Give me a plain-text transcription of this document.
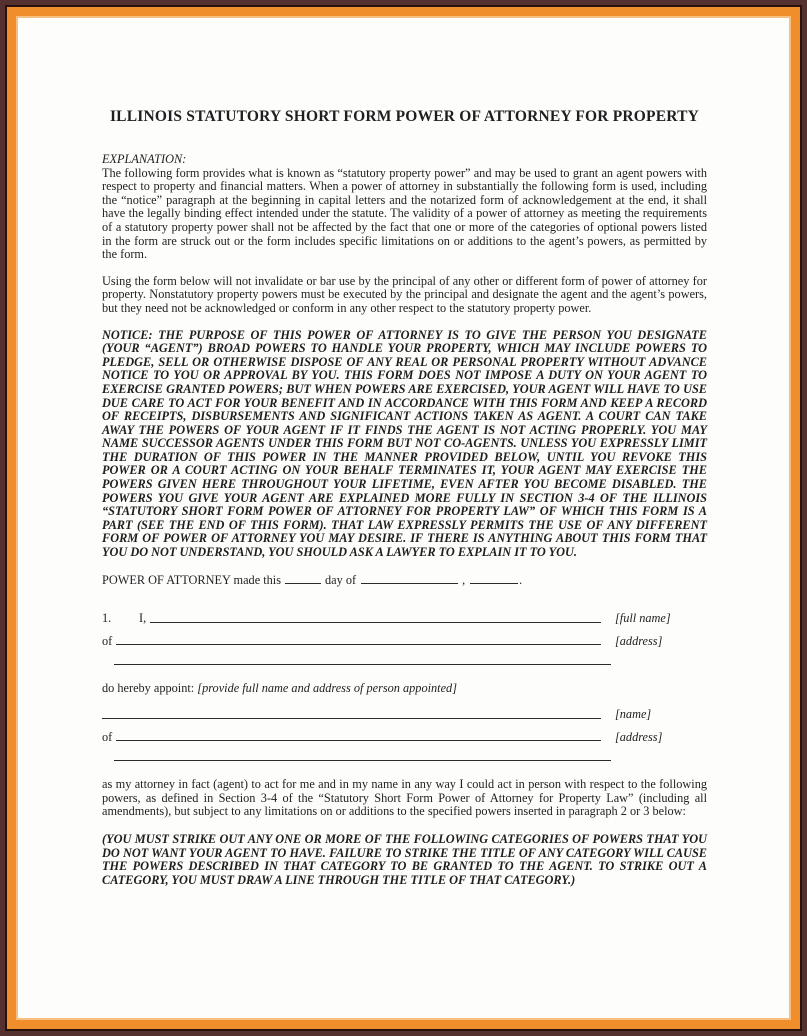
ILLINOIS STATUTORY SHORT FORM POWER OF ATTORNEY FOR PROPERTY
EXPLANATION:
The following form provides what is known as “statutory property power” and may be used to grant an agent powers with respect to property and financial matters. When a power of attorney in substantially the following form is used, including the “notice” paragraph at the beginning in capital letters and the notarized form of acknowledgement at the end, it shall have the legally binding effect intended under the statute. The validity of a power of attorney as meeting the requirements of a statutory property power shall not be affected by the fact that one or more of the categories of optional powers listed in the form are struck out or the form includes specific limitations on or additions to the agent’s powers, as permitted by the form.
Using the form below will not invalidate or bar use by the principal of any other or different form of power of attorney for property. Nonstatutory property powers must be executed by the principal and designate the agent and the agent’s powers, but they need not be acknowledged or conform in any other respect to the statutory property power.
NOTICE: THE PURPOSE OF THIS POWER OF ATTORNEY IS TO GIVE THE PERSON YOU DESIGNATE (YOUR “AGENT”) BROAD POWERS TO HANDLE YOUR PROPERTY, WHICH MAY INCLUDE POWERS TO PLEDGE, SELL OR OTHERWISE DISPOSE OF ANY REAL OR PERSONAL PROPERTY WITHOUT ADVANCE NOTICE TO YOU OR APPROVAL BY YOU. THIS FORM DOES NOT IMPOSE A DUTY ON YOUR AGENT TO EXERCISE GRANTED POWERS; BUT WHEN POWERS ARE EXERCISED, YOUR AGENT WILL HAVE TO USE DUE CARE TO ACT FOR YOUR BENEFIT AND IN ACCORDANCE WITH THIS FORM AND KEEP A RECORD OF RECEIPTS, DISBURSEMENTS AND SIGNIFICANT ACTIONS TAKEN AS AGENT. A COURT CAN TAKE AWAY THE POWERS OF YOUR AGENT IF IT FINDS THE AGENT IS NOT ACTING PROPERLY. YOU MAY NAME SUCCESSOR AGENTS UNDER THIS FORM BUT NOT CO-AGENTS. UNLESS YOU EXPRESSLY LIMIT THE DURATION OF THIS POWER IN THE MANNER PROVIDED BELOW, UNTIL YOU REVOKE THIS POWER OR A COURT ACTING ON YOUR BEHALF TERMINATES IT, YOUR AGENT MAY EXERCISE THE POWERS GIVEN HERE THROUGHOUT YOUR LIFETIME, EVEN AFTER YOU BECOME DISABLED. THE POWERS YOU GIVE YOUR AGENT ARE EXPLAINED MORE FULLY IN SECTION 3-4 OF THE ILLINOIS “STATUTORY SHORT FORM POWER OF ATTORNEY FOR PROPERTY LAW” OF WHICH THIS FORM IS A PART (SEE THE END OF THIS FORM). THAT LAW EXPRESSLY PERMITS THE USE OF ANY DIFFERENT FORM OF POWER OF ATTORNEY YOU MAY DESIRE. IF THERE IS ANYTHING ABOUT THIS FORM THAT YOU DO NOT UNDERSTAND, YOU SHOULD ASK A LAWYER TO EXPLAIN IT TO YOU.
POWER OF ATTORNEY made this	day of	,	.
1.	I,	[full name]
of	[address]
do hereby appoint: [provide full name and address of person appointed]
[name]
of	[address]
as my attorney in fact (agent) to act for me and in my name in any way I could act in person with respect to the following powers, as defined in Section 3-4 of the “Statutory Short Form Power of Attorney for Property Law” (including all amendments), but subject to any limitations on or additions to the specified powers inserted in paragraph 2 or 3 below:
(YOU MUST STRIKE OUT ANY ONE OR MORE OF THE FOLLOWING CATEGORIES OF POWERS THAT YOU DO NOT WANT YOUR AGENT TO HAVE. FAILURE TO STRIKE THE TITLE OF ANY CATEGORY WILL CAUSE THE POWERS DESCRIBED IN THAT CATEGORY TO BE GRANTED TO THE AGENT. TO STRIKE OUT A CATEGORY, YOU MUST DRAW A LINE THROUGH THE TITLE OF THAT CATEGORY.)
